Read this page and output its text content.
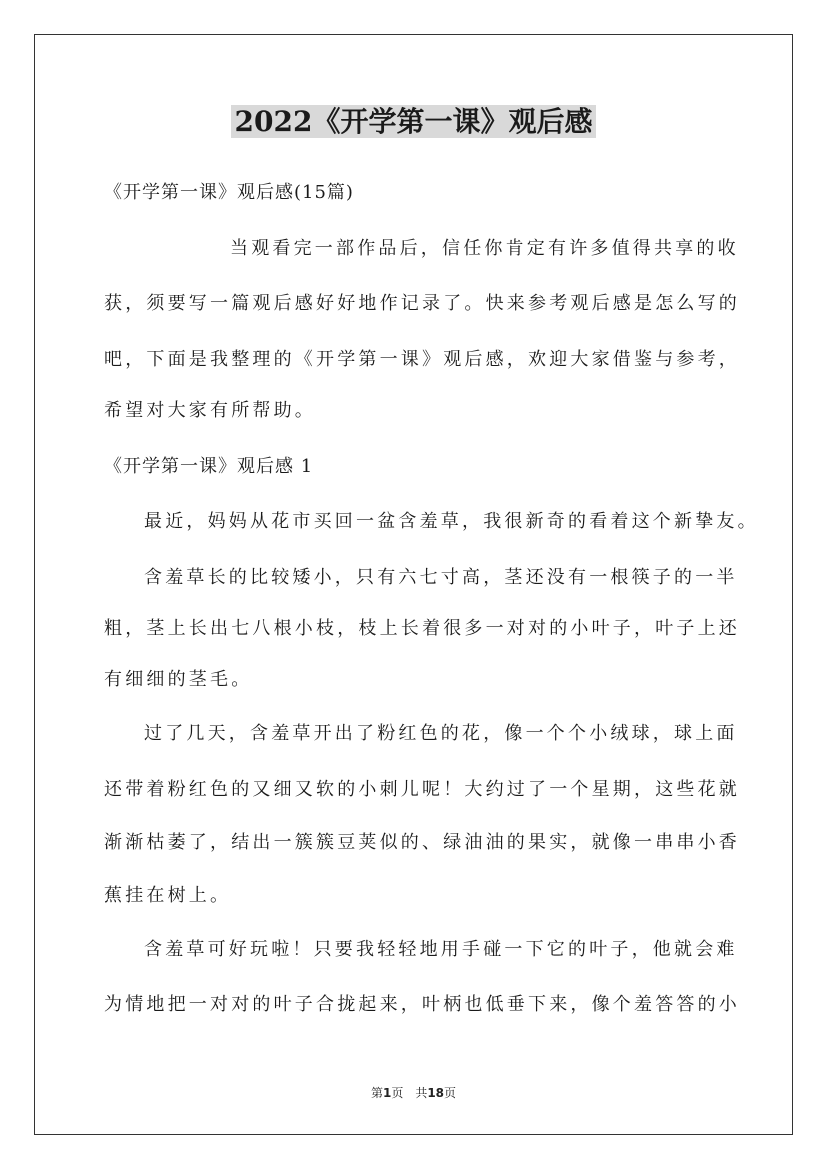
2022《开学第一课》观后感
《开学第一课》观后感(15篇)
当观看完一部作品后，信任你肯定有许多值得共享的收
获，须要写一篇观后感好好地作记录了。快来参考观后感是怎么写的
吧，下面是我整理的《开学第一课》观后感，欢迎大家借鉴与参考，
希望对大家有所帮助。
《开学第一课》观后感 1
最近，妈妈从花市买回一盆含羞草，我很新奇的看着这个新挚友。
含羞草长的比较矮小，只有六七寸高，茎还没有一根筷子的一半
粗，茎上长出七八根小枝，枝上长着很多一对对的小叶子，叶子上还
有细细的茎毛。
过了几天，含羞草开出了粉红色的花，像一个个小绒球，球上面
还带着粉红色的又细又软的小刺儿呢！大约过了一个星期，这些花就
渐渐枯萎了，结出一簇簇豆荚似的、绿油油的果实，就像一串串小香
蕉挂在树上。
含羞草可好玩啦！只要我轻轻地用手碰一下它的叶子，他就会难
为情地把一对对的叶子合拢起来，叶柄也低垂下来，像个羞答答的小
第1页　共18页
